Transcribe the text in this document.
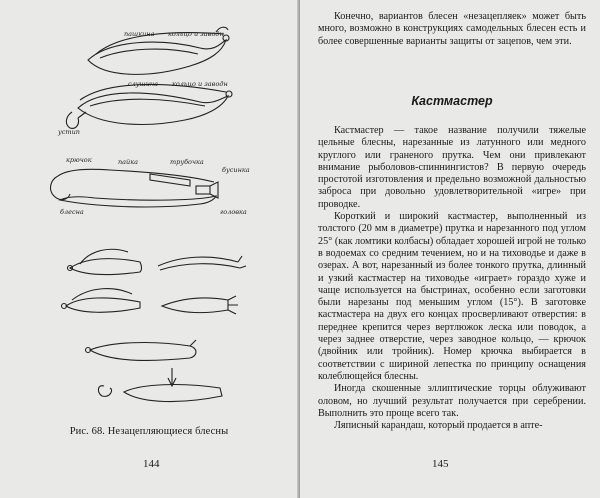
пашкина кольцо и заводн
слушина кольцо и заводн
устип
крючок	пайка	трубочка
бусинка
блесна	головка
Рис. 68. Незацепляющиеся блесны
144

Конечно, вариантов блесен «незацепляек» может быть много, возможно в конструкциях самодельных блесен есть и более совершенные варианты защиты от зацепов, чем эти.

Кастмастер

Кастмастер — такое название получили тяжелые цельные блесны, нарезанные из латунного или медного круглого или граненого прутка. Чем они привлекают внимание рыболовов-спиннингистов? В первую очередь простотой изготовления и предельно возможной дальностью заброса при довольно удовлетворительной «игре» при проводке.

Короткий и широкий кастмастер, выполненный из толстого (20 мм в диаметре) прутка и нарезанного под углом 25° (как ломтики колбасы) обладает хорошей игрой не только в водоемах со средним течением, но и на тиховодье и даже в озерах. А вот, нарезанный из более тонкого прутка, длинный и узкий кастмастер на тиховодье «играет» гораздо хуже и чаще используется на быстринах, особенно если заготовки были нарезаны под меньшим углом (15°). В заготовке кастмастера на двух его концах просверливают отверстия: в переднее крепится через вертлюжок леска или поводок, а через заднее отверстие, через заводное кольцо, — крючок (двойник или тройник). Номер крючка выбирается в соответствии с шириной лепестка по принципу оснащения колеблющейся блесны.

Иногда скошенные эллиптические торцы облуживают оловом, но лучший результат получается при серебрении. Выполнить это проще всего так.

Ляписный карандаш, который продается в апте-

145
